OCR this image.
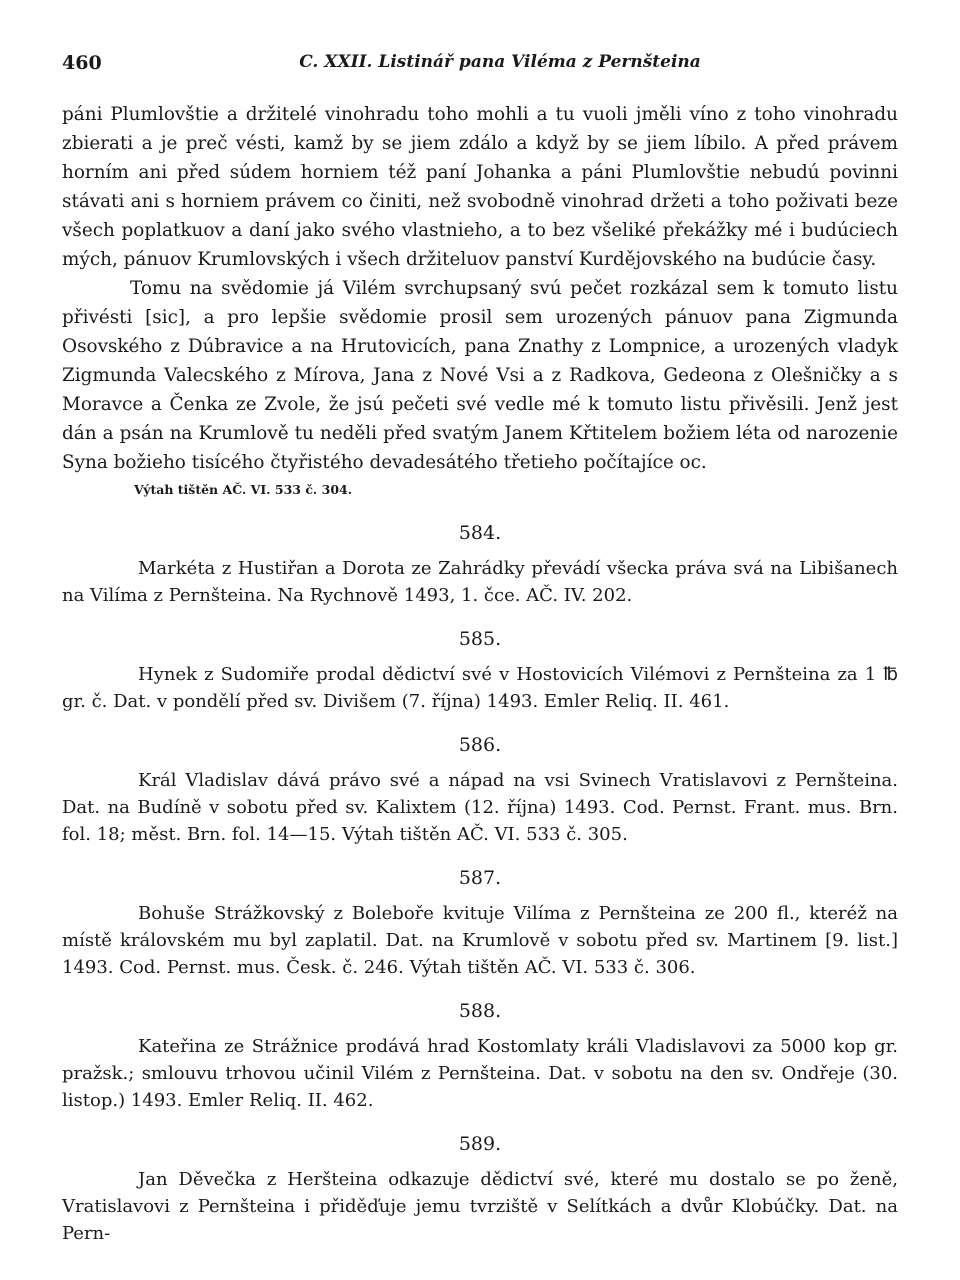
460	C. XXII. Listinář pana Viléma z Pernšteina

páni Plumlovštie a držitelé vinohradu toho mohli a tu vuoli jměli víno z toho vinohradu zbierati a je preč vésti, kamž by se jiem zdálo a když by se jiem líbilo. A před právem horním ani před súdem horniem též paní Johanka a páni Plumlovštie nebudú povinni stávati ani s horniem právem co činiti, než svobodně vinohrad držeti a toho poživati beze všech poplatkuov a daní jako svého vlastnieho, a to bez všeliké překážky mé i budúciech mých, pánuov Krumlovských i všech držiteluov panství Kurdějovského na budúcie časy.

Tomu na svědomie já Vilém svrchupsaný svú pečet rozkázal sem k tomuto listu přivésti [sic], a pro lepšie svědomie prosil sem urozených pánuov pana Zigmunda Osovského z Dúbravice a na Hrutovicích, pana Znathy z Lompnice, a urozených vladyk Zigmunda Valecského z Mírova, Jana z Nové Vsi a z Radkova, Gedeona z Olešničky a s Moravce a Čenka ze Zvole, že jsú pečeti své vedle mé k tomuto listu přivěsili. Jenž jest dán a psán na Krumlově tu neděli před svatým Janem Křtitelem božiem léta od narozenie Syna božieho tisícého čtyřistého devadesátého třetieho počítajíce oc.

Výtah tištěn AČ. VI. 533 č. 304.
584.

Markéta z Hustiřan a Dorota ze Zahrádky převádí všecka práva svá na Libišanech na Vilíma z Pernšteina. Na Rychnově 1493, 1. čce. AČ. IV. 202.

585.

Hynek z Sudomiře prodal dědictví své v Hostovicích Vilémovi z Pernšteina za 1 ℔ gr. č. Dat. v pondělí před sv. Divišem (7. října) 1493. Emler Reliq. II. 461.

586.

Král Vladislav dává právo své a nápad na vsi Svinech Vratislavovi z Pernšteina. Dat. na Budíně v sobotu před sv. Kalixtem (12. října) 1493. Cod. Pernst. Frant. mus. Brn. fol. 18; měst. Brn. fol. 14—15. Výtah tištěn AČ. VI. 533 č. 305.

587.

Bohuše Strážkovský z Boleboře kvituje Vilíma z Pernšteina ze 200 fl., kteréž na místě královském mu byl zaplatil. Dat. na Krumlově v sobotu před sv. Martinem [9. list.] 1493. Cod. Pernst. mus. Česk. č. 246. Výtah tištěn AČ. VI. 533 č. 306.

588.

Kateřina ze Strážnice prodává hrad Kostomlaty králi Vladislavovi za 5000 kop gr. pražsk.; smlouvu trhovou učinil Vilém z Pernšteina. Dat. v sobotu na den sv. Ondřeje (30. listop.) 1493. Emler Reliq. II. 462.

589.

Jan Děvečka z Heršteina odkazuje dědictví své, které mu dostalo se po ženě, Vratislavovi z Pernšteina i přiděďuje jemu tvrziště v Selítkách a dvůr Klobúčky. Dat. na Pern-
